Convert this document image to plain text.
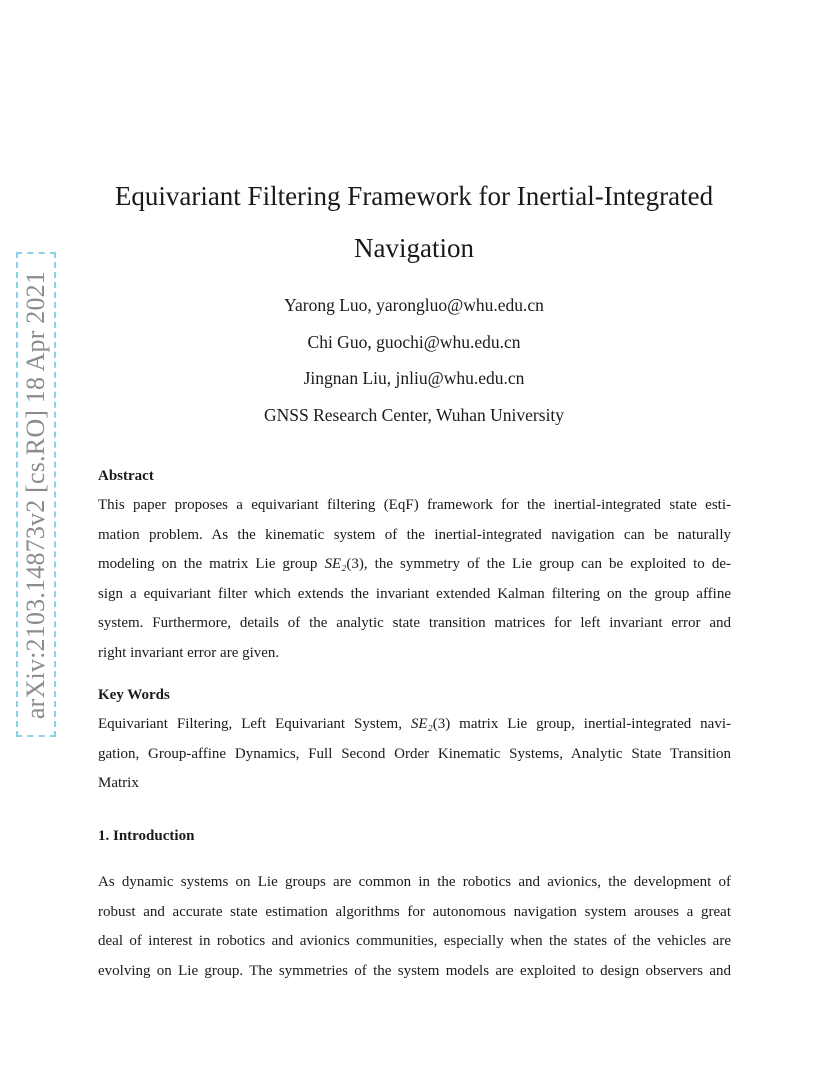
arXiv:2103.14873v2 [cs.RO] 18 Apr 2021
Equivariant Filtering Framework for Inertial-Integrated
Navigation
Yarong Luo, yarongluo@whu.edu.cn
Chi Guo, guochi@whu.edu.cn
Jingnan Liu, jnliu@whu.edu.cn
GNSS Research Center, Wuhan University
Abstract
This paper proposes a equivariant filtering (EqF) framework for the inertial-integrated state esti-
mation problem. As the kinematic system of the inertial-integrated navigation can be naturally
modeling on the matrix Lie group SE₂(3), the symmetry of the Lie group can be exploited to de-
sign a equivariant filter which extends the invariant extended Kalman filtering on the group affine
system. Furthermore, details of the analytic state transition matrices for left invariant error and
right invariant error are given.
Key Words
Equivariant Filtering, Left Equivariant System, SE₂(3) matrix Lie group, inertial-integrated navi-
gation, Group-affine Dynamics, Full Second Order Kinematic Systems, Analytic State Transition
Matrix
1. Introduction
As dynamic systems on Lie groups are common in the robotics and avionics, the development of
robust and accurate state estimation algorithms for autonomous navigation system arouses a great
deal of interest in robotics and avionics communities, especially when the states of the vehicles are
evolving on Lie group. The symmetries of the system models are exploited to design observers and
